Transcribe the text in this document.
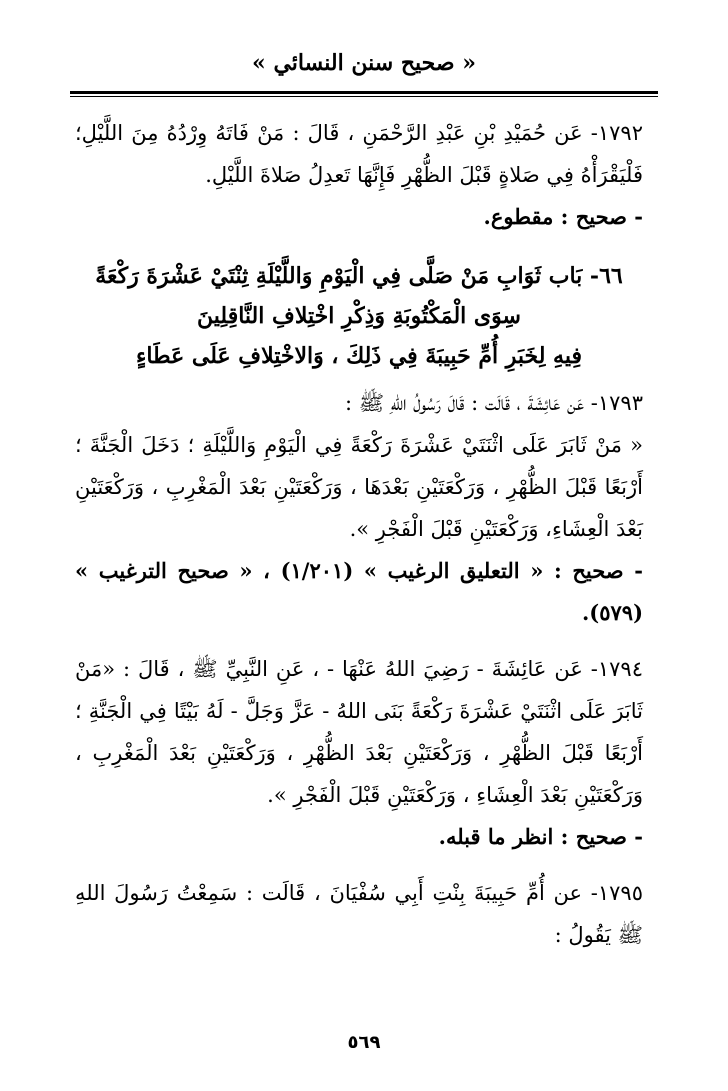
« صحيح سنن النسائي »

١٧٩٢- عَن حُمَيْدِ بْنِ عَبْدِ الرَّحْمَنِ ، قَالَ : مَنْ فَاتَهُ وِرْدُهُ مِنَ اللَّيْلِ؛ فَلْيَقْرَأْهُ فِي صَلاةٍ قَبْلَ الظُّهْرِ فَإِنَّهَا تَعدِلُ صَلاةَ اللَّيْلِ.

- صحيح : مقطوع.

٦٦- بَاب ثَوَابِ مَنْ صَلَّى فِي الْيَوْمِ وَاللَّيْلَةِ ثِنْتَيْ عَشْرَةَ رَكْعَةً
سِوَى الْمَكْتُوبَةِ وَذِكْرِ اخْتِلافِ النَّاقِلِينَ
فِيهِ لِخَبَرِ أُمِّ حَبِيبَةَ فِي ذَلِكَ ، وَالاخْتِلافِ عَلَى عَطَاءٍ

١٧٩٣- عَن عَائِشَةَ ، قَالَت : قَالَ رَسُولُ اللهِ ﷺ :

« مَنْ ثَابَرَ عَلَى اثْنَتَيْ عَشْرَةَ رَكْعَةً فِي الْيَوْمِ وَاللَّيْلَةِ ؛ دَخَلَ الْجَنَّةَ ؛ أَرْبَعًا قَبْلَ الظُّهْرِ ، وَرَكْعَتَيْنِ بَعْدَهَا ، وَرَكْعَتَيْنِ بَعْدَ الْمَغْرِبِ ، وَرَكْعَتَيْنِ بَعْدَ الْعِشَاءِ، وَرَكْعَتَيْنِ قَبْلَ الْفَجْرِ ».

- صحيح : « التعليق الرغيب » (١/٢٠١) ، « صحيح الترغيب » (٥٧٩).

١٧٩٤- عَن عَائِشَةَ - رَضِيَ اللهُ عَنْهَا - ، عَنِ النَّبِيِّ ﷺ ، قَالَ : «مَنْ ثَابَرَ عَلَى اثْنَتَيْ عَشْرَةَ رَكْعَةً بَنَى اللهُ - عَزَّ وَجَلَّ - لَهُ بَيْتًا فِي الْجَنَّةِ ؛ أَرْبَعًا قَبْلَ الظُّهْرِ ، وَرَكْعَتَيْنِ بَعْدَ الظُّهْرِ ، وَرَكْعَتَيْنِ بَعْدَ الْمَغْرِبِ ، وَرَكْعَتَيْنِ بَعْدَ الْعِشَاءِ ، وَرَكْعَتَيْنِ قَبْلَ الْفَجْرِ ».

- صحيح : انظر ما قبله.

١٧٩٥- عن أُمِّ حَبِيبَةَ بِنْتِ أَبِي سُفْيَانَ ، قَالَت : سَمِعْتُ رَسُولَ اللهِ ﷺ يَقُولُ :

٥٦٩
